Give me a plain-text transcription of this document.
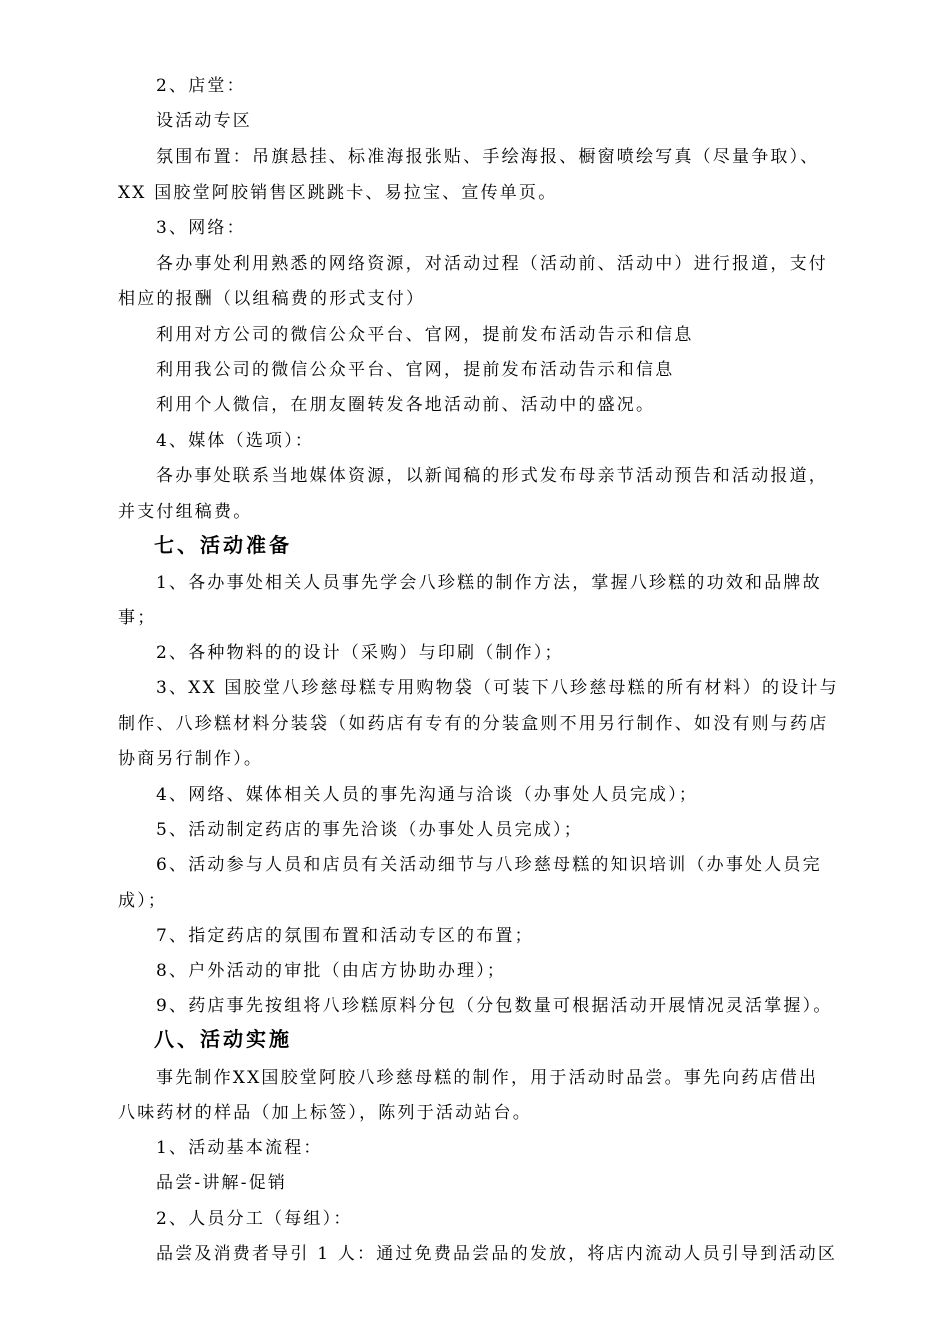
2、店堂：
设活动专区
氛围布置：吊旗悬挂、标准海报张贴、手绘海报、橱窗喷绘写真（尽量争取）、
XX 国胶堂阿胶销售区跳跳卡、易拉宝、宣传单页。
3、网络：
各办事处利用熟悉的网络资源，对活动过程（活动前、活动中）进行报道，支付
相应的报酬（以组稿费的形式支付）
利用对方公司的微信公众平台、官网，提前发布活动告示和信息
利用我公司的微信公众平台、官网，提前发布活动告示和信息
利用个人微信，在朋友圈转发各地活动前、活动中的盛况。
4、媒体（选项）：
各办事处联系当地媒体资源，以新闻稿的形式发布母亲节活动预告和活动报道，
并支付组稿费。
七、活动准备
1、各办事处相关人员事先学会八珍糕的制作方法，掌握八珍糕的功效和品牌故
事；
2、各种物料的的设计（采购）与印刷（制作）；
3、XX 国胶堂八珍慈母糕专用购物袋（可装下八珍慈母糕的所有材料）的设计与
制作、八珍糕材料分装袋（如药店有专有的分装盒则不用另行制作、如没有则与药店
协商另行制作）。
4、网络、媒体相关人员的事先沟通与洽谈（办事处人员完成）；
5、活动制定药店的事先洽谈（办事处人员完成）；
6、活动参与人员和店员有关活动细节与八珍慈母糕的知识培训（办事处人员完
成）；
7、指定药店的氛围布置和活动专区的布置；
8、户外活动的审批（由店方协助办理）；
9、药店事先按组将八珍糕原料分包（分包数量可根据活动开展情况灵活掌握）。
八、活动实施
事先制作XX国胶堂阿胶八珍慈母糕的制作，用于活动时品尝。事先向药店借出
八味药材的样品（加上标签），陈列于活动站台。
1、活动基本流程：
品尝-讲解-促销
2、人员分工（每组）：
品尝及消费者导引 1 人：通过免费品尝品的发放，将店内流动人员引导到活动区
